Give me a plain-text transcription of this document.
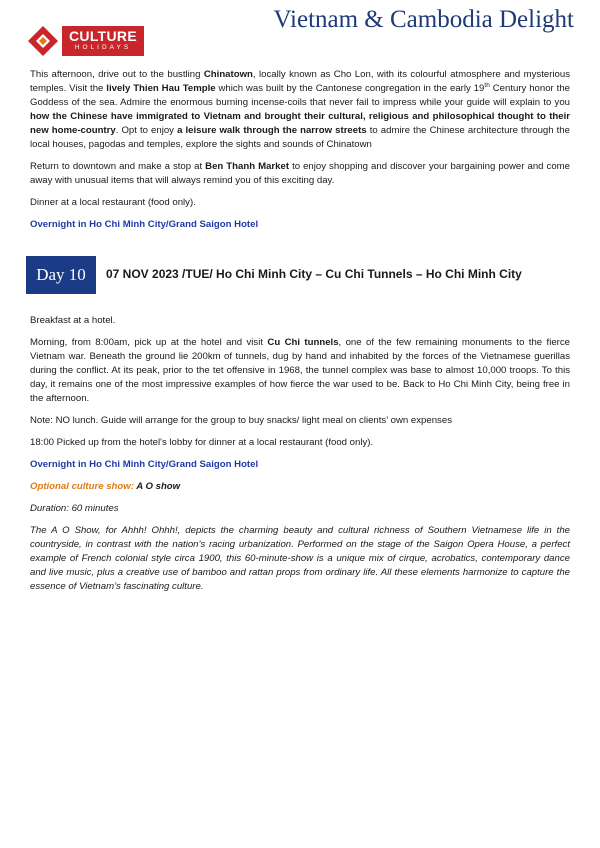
CULTURE
HOLIDAYS
Vietnam & Cambodia Delight

This afternoon, drive out to the bustling Chinatown, locally known as Cho Lon, with its colourful atmosphere and mysterious temples. Visit the lively Thien Hau Temple which was built by the Cantonese congregation in the early 19th Century honor the Goddess of the sea. Admire the enormous burning incense-coils that never fail to impress while your guide will explain to you how the Chinese have immigrated to Vietnam and brought their cultural, religious and philosophical thought to their new home-country. Opt to enjoy a leisure walk through the narrow streets to admire the Chinese architecture through the local houses, pagodas and temples, explore the sights and sounds of Chinatown

Return to downtown and make a stop at Ben Thanh Market to enjoy shopping and discover your bargaining power and come away with unusual items that will always remind you of this exciting day.

Dinner at a local restaurant (food only).

Overnight in Ho Chi Minh City/Grand Saigon Hotel

Day 10	07 NOV 2023 /TUE/ Ho Chi Minh City – Cu Chi Tunnels – Ho Chi Minh City

Breakfast at a hotel.

Morning, from 8:00am, pick up at the hotel and visit Cu Chi tunnels, one of the few remaining monuments to the fierce Vietnam war. Beneath the ground lie 200km of tunnels, dug by hand and inhabited by the forces of the Vietnamese guerillas during the conflict. At its peak, prior to the tet offensive in 1968, the tunnel complex was base to almost 10,000 troops. To this day, it remains one of the most impressive examples of how fierce the war used to be. Back to Ho Chi Minh City, being free in the afternoon.

Note: NO lunch. Guide will arrange for the group to buy snacks/ light meal on clients’ own expenses

18:00 Picked up from the hotel's lobby for dinner at a local restaurant (food only).

Overnight in Ho Chi Minh City/Grand Saigon Hotel

Optional culture show: A O show

Duration: 60 minutes

The A O Show, for Ahhh! Ohhh!, depicts the charming beauty and cultural richness of Southern Vietnamese life in the countryside, in contrast with the nation’s racing urbanization. Performed on the stage of the Saigon Opera House, a perfect example of French colonial style circa 1900, this 60-minute-show is a unique mix of cirque, acrobatics, contemporary dance and live music, plus a creative use of bamboo and rattan props from ordinary life. All these elements harmonize to capture the essence of Vietnam’s fascinating culture.
